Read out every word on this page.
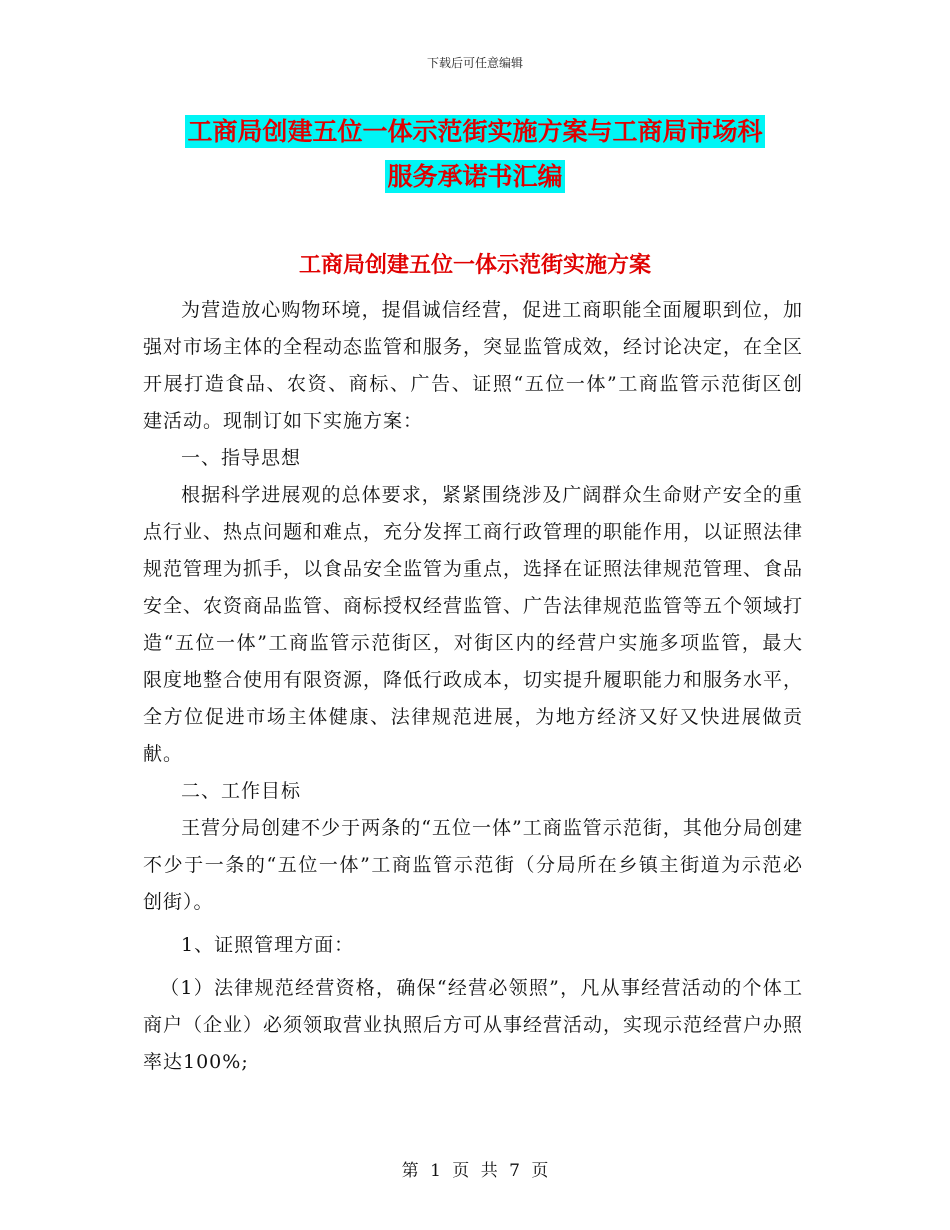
下载后可任意编辑
工商局创建五位一体示范街实施方案与工商局市场科
服务承诺书汇编
工商局创建五位一体示范街实施方案

为营造放心购物环境，提倡诚信经营，促进工商职能全面履职到位，加强对市场主体的全程动态监管和服务，突显监管成效，经讨论决定，在全区开展打造食品、农资、商标、广告、证照“五位一体”工商监管示范街区创建活动。现制订如下实施方案：

一、指导思想

根据科学进展观的总体要求，紧紧围绕涉及广阔群众生命财产安全的重点行业、热点问题和难点，充分发挥工商行政管理的职能作用，以证照法律规范管理为抓手，以食品安全监管为重点，选择在证照法律规范管理、食品安全、农资商品监管、商标授权经营监管、广告法律规范监管等五个领域打造“五位一体”工商监管示范街区，对街区内的经营户实施多项监管，最大限度地整合使用有限资源，降低行政成本，切实提升履职能力和服务水平，全方位促进市场主体健康、法律规范进展，为地方经济又好又快进展做贡献。

二、工作目标

王营分局创建不少于两条的“五位一体”工商监管示范街，其他分局创建不少于一条的“五位一体”工商监管示范街（分局所在乡镇主街道为示范必创街）。

1、证照管理方面：

（1）法律规范经营资格，确保“经营必领照”，凡从事经营活动的个体工商户（企业）必须领取营业执照后方可从事经营活动，实现示范经营户办照率达100%;

第 1 页 共 7 页
